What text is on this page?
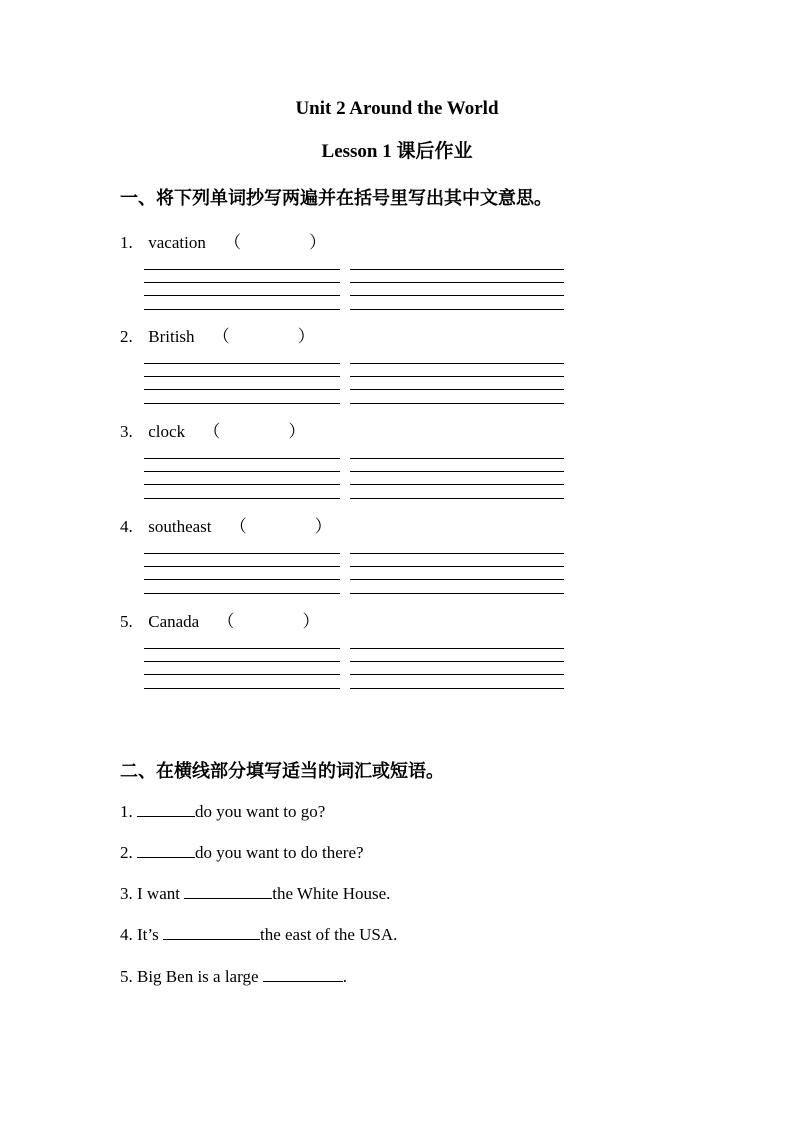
Unit 2 Around the World
Lesson 1 课后作业
一、将下列单词抄写两遍并在括号里写出其中文意思。
1. vacation （　　　　）
2. British （　　　　）
3. clock （　　　　）
4. southeast （　　　　）
5. Canada （　　　　）
二、在横线部分填写适当的词汇或短语。
1.	do you want to go?
2.	do you want to do there?
3. I want	the White House.
4. It’s	the east of the USA.
5. Big Ben is a large	.
